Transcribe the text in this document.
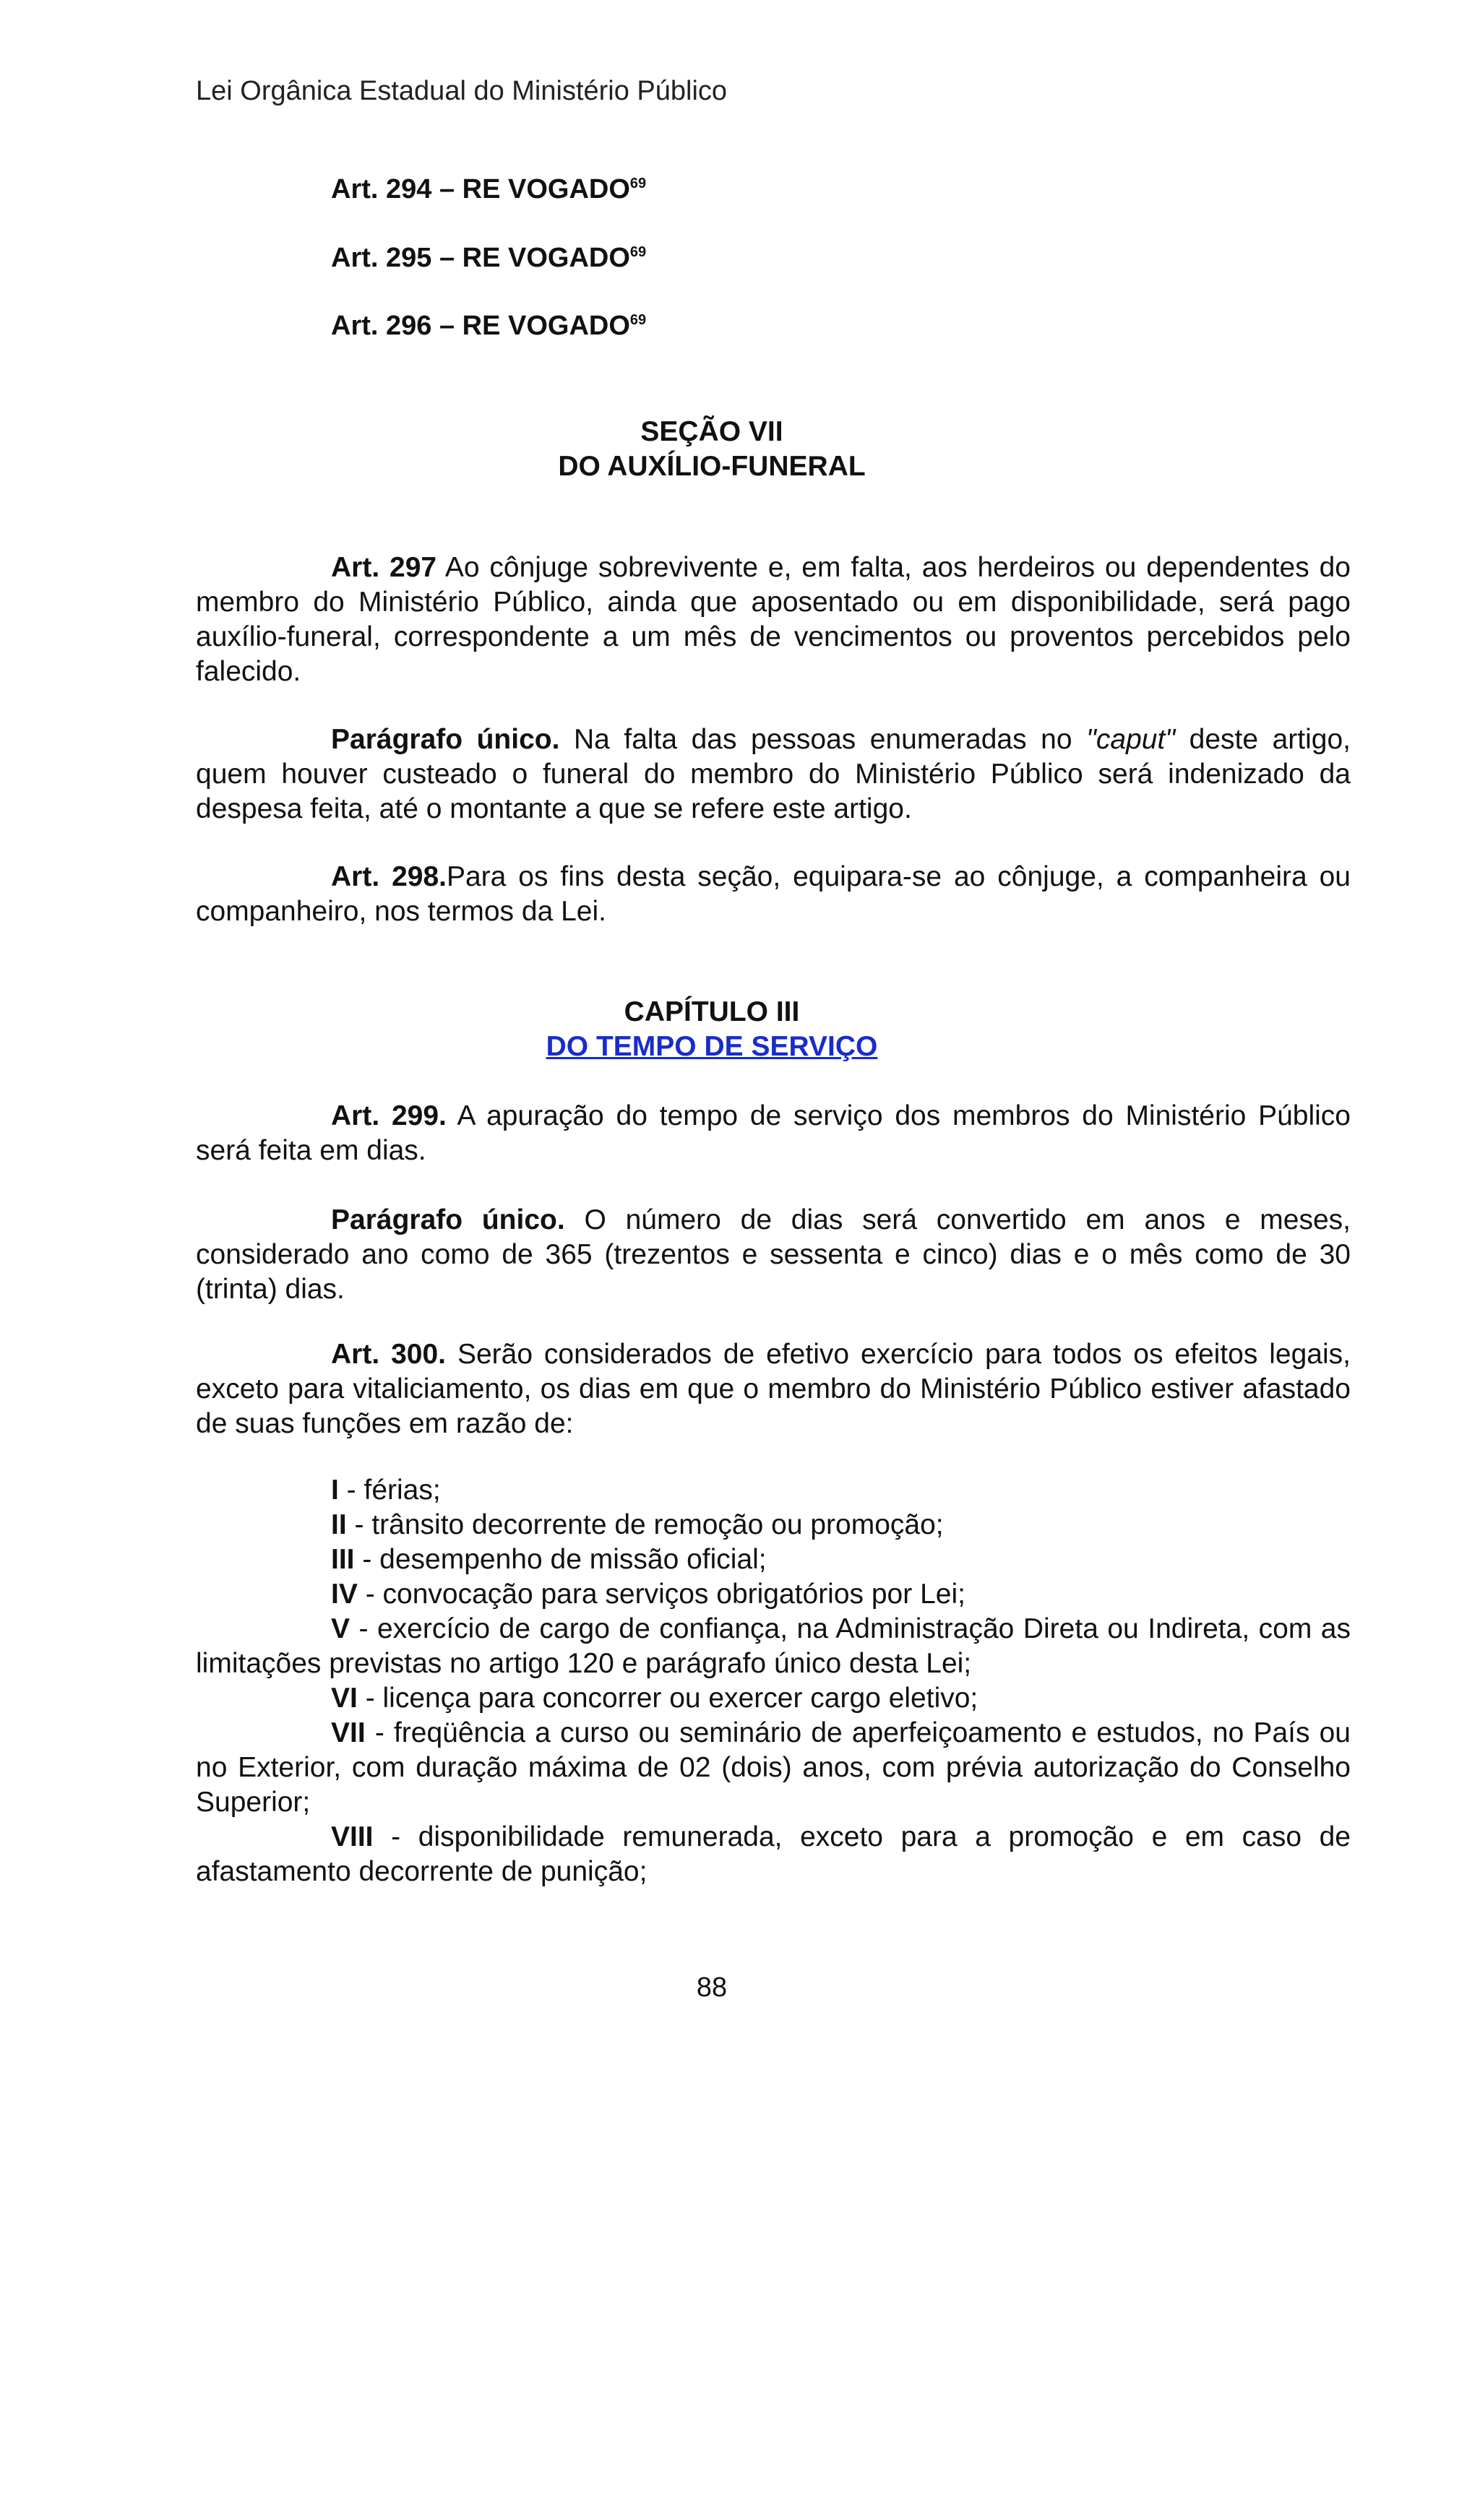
Lei Orgânica Estadual do Ministério Público
Art. 294 – RE VOGADO$^{69}$
Art. 295 – RE VOGADO$^{69}$
Art. 296 – RE VOGADO$^{69}$
SEÇÃO VII
DO AUXÍLIO-FUNERAL
Art. 297 Ao cônjuge sobrevivente e, em falta, aos herdeiros ou dependentes do membro do Ministério Público, ainda que aposentado ou em disponibilidade, será pago auxílio-funeral, correspondente a um mês de vencimentos ou proventos percebidos pelo falecido.
Parágrafo único. Na falta das pessoas enumeradas no "caput" deste artigo, quem houver custeado o funeral do membro do Ministério Público será indenizado da despesa feita, até o montante a que se refere este artigo.
Art. 298.Para os fins desta seção, equipara-se ao cônjuge, a companheira ou companheiro, nos termos da Lei.
CAPÍTULO III
DO TEMPO DE SERVIÇO
Art. 299. A apuração do tempo de serviço dos membros do Ministério Público será feita em dias.
Parágrafo único. O número de dias será convertido em anos e meses, considerado ano como de 365 (trezentos e sessenta e cinco) dias e o mês como de 30 (trinta) dias.
Art. 300. Serão considerados de efetivo exercício para todos os efeitos legais, exceto para vitaliciamento, os dias em que o membro do Ministério Público estiver afastado de suas funções em razão de:
I - férias;
II - trânsito decorrente de remoção ou promoção;
III - desempenho de missão oficial;
IV - convocação para serviços obrigatórios por Lei;
V - exercício de cargo de confiança, na Administração Direta ou Indireta, com as limitações previstas no artigo 120 e parágrafo único desta Lei;
VI - licença para concorrer ou exercer cargo eletivo;
VII - freqüência a curso ou seminário de aperfeiçoamento e estudos, no País ou no Exterior, com duração máxima de 02 (dois) anos, com prévia autorização do Conselho Superior;
VIII - disponibilidade remunerada, exceto para a promoção e em caso de afastamento decorrente de punição;
88
